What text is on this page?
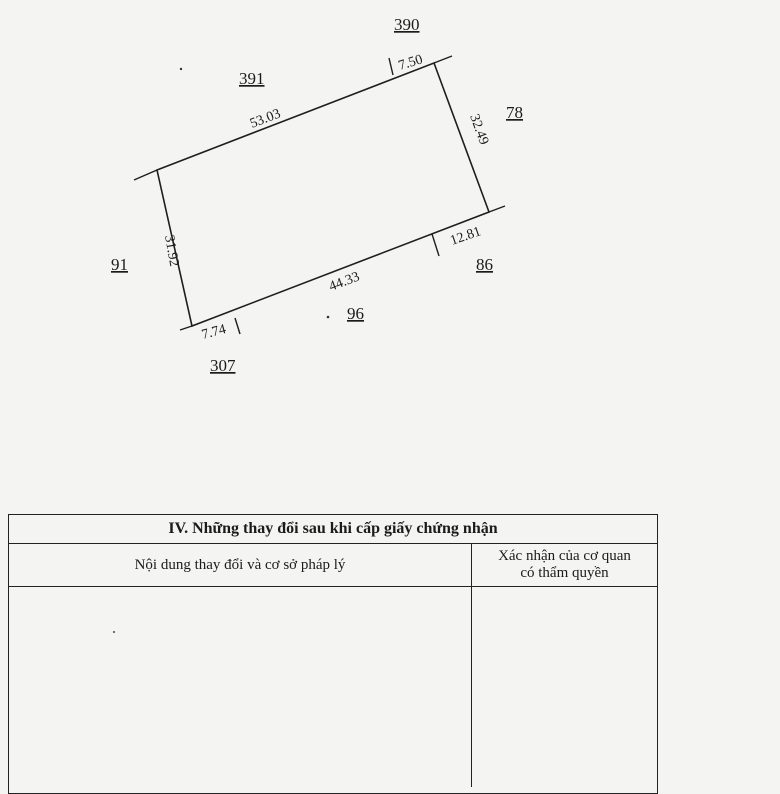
390
391
78
91	86
96
307
53.03
7.50
32.49
31.92
44.33
12.81
7.74
IV. Những thay đổi sau khi cấp giấy chứng nhận
Nội dung thay đổi và cơ sở pháp lý
Xác nhận của cơ quan
có thẩm quyền
